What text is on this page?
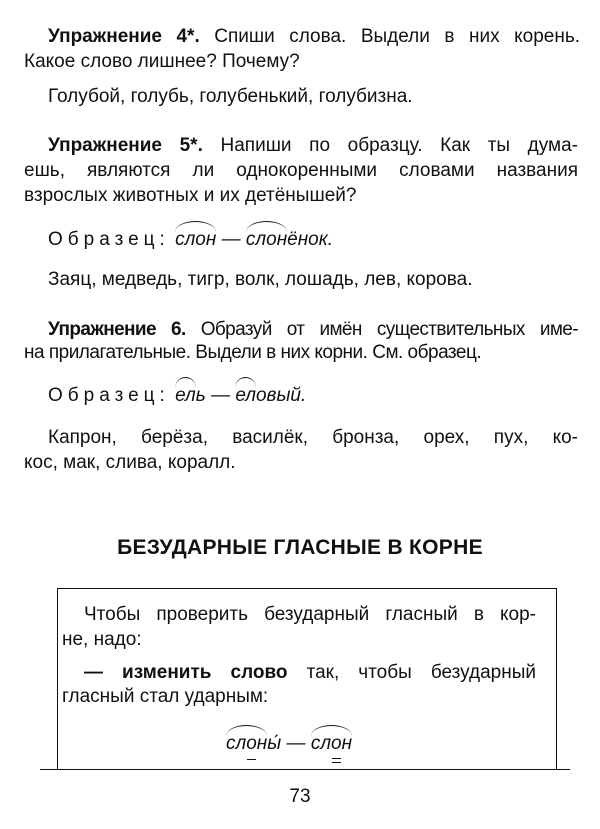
Упражнение 4*. Спиши слова. Выдели в них корень.
Какое слово лишнее? Почему?
Голубой, голубь, голубенький, голубизна.
Упражнение 5*. Напиши по образцу. Как ты дума-
ешь, являются ли однокоренными словами названия
взрослых животных и их детёнышей?
Образец: слон — слонёнок.
Заяц, медведь, тигр, волк, лошадь, лев, корова.
Упражнение 6. Образуй от имён существительных име-
на прилагательные. Выдели в них корни. См. образец.
Образец: ель — еловый.
Капрон, берёза, василёк, бронза, орех, пух, ко-
кос, мак, слива, коралл.
БЕЗУДАРНЫЕ ГЛАСНЫЕ В КОРНЕ
Чтобы проверить безударный гласный в кор-
не, надо:
— изменить слово так, чтобы безударный
гласный стал ударным:
слоны́ — слон
73
